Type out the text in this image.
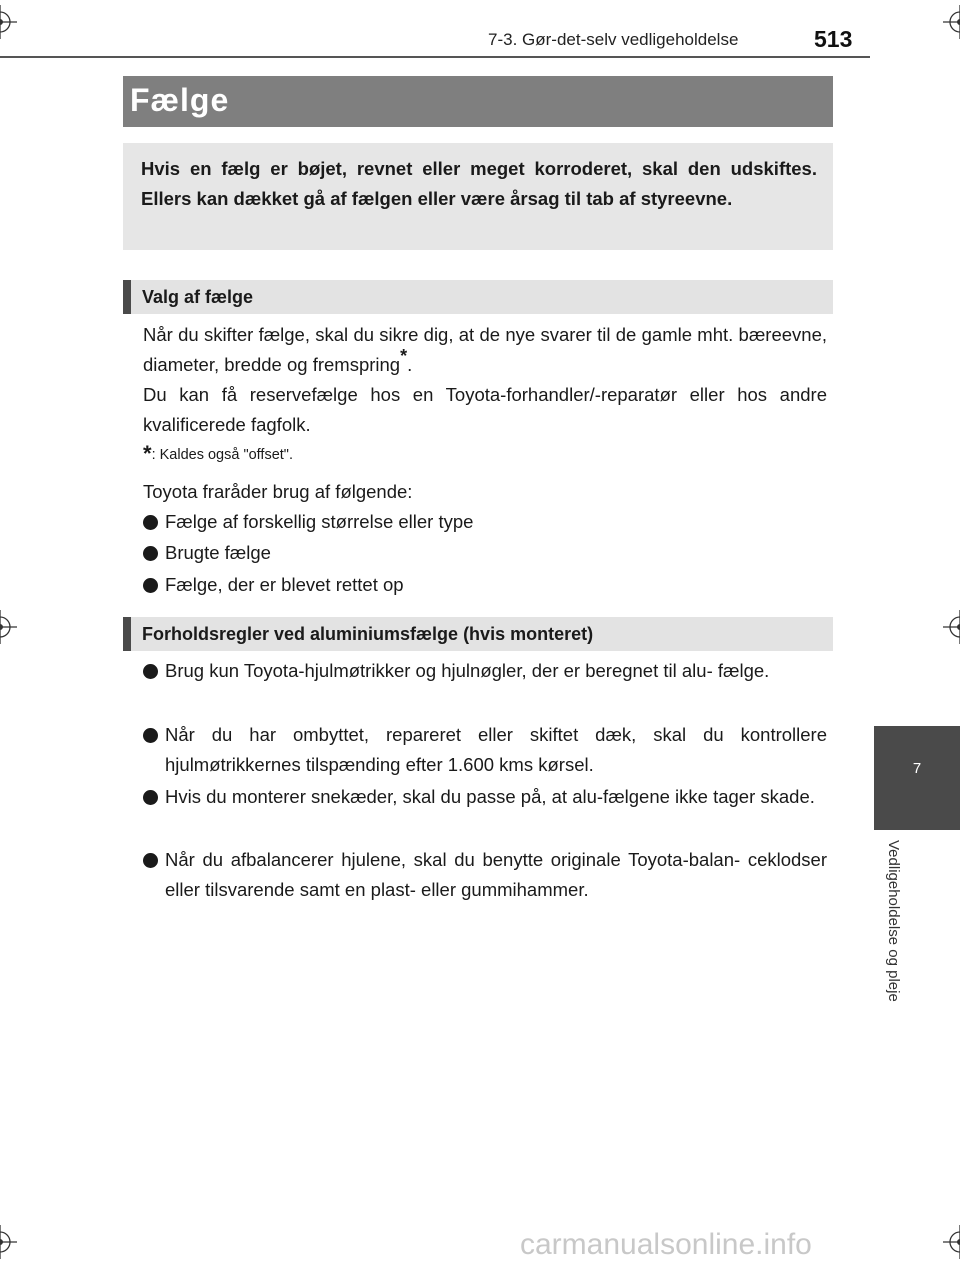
7-3. Gør-det-selv vedligeholdelse	513
7
Vedligeholdelse og pleje
Fælge

Hvis en fælg er bøjet, revnet eller meget korroderet, skal den udskiftes. Ellers kan dækket gå af fælgen eller være årsag til tab af styreevne.

Valg af fælge

Når du skifter fælge, skal du sikre dig, at de nye svarer til de gamle mht. bæreevne, diameter, bredde og fremspring*.

Du kan få reservefælge hos en Toyota-forhandler/-reparatør eller hos andre kvalificerede fagfolk.

*: Kaldes også "offset".
Toyota fraråder brug af følgende:
Fælge af forskellig størrelse eller type
Brugte fælge
Fælge, der er blevet rettet op
Forholdsregler ved aluminiumsfælge (hvis monteret)
Brug kun Toyota-hjulmøtrikker og hjulnøgler, der er beregnet til alu- fælge.
Når du har ombyttet, repareret eller skiftet dæk, skal du kontrollere hjulmøtrikkernes tilspænding efter 1.600 kms kørsel.
Hvis du monterer snekæder, skal du passe på, at alu-fælgene ikke tager skade.
Når du afbalancerer hjulene, skal du benytte originale Toyota-balan- ceklodser eller tilsvarende samt en plast- eller gummihammer.
carmanualsonline.info
